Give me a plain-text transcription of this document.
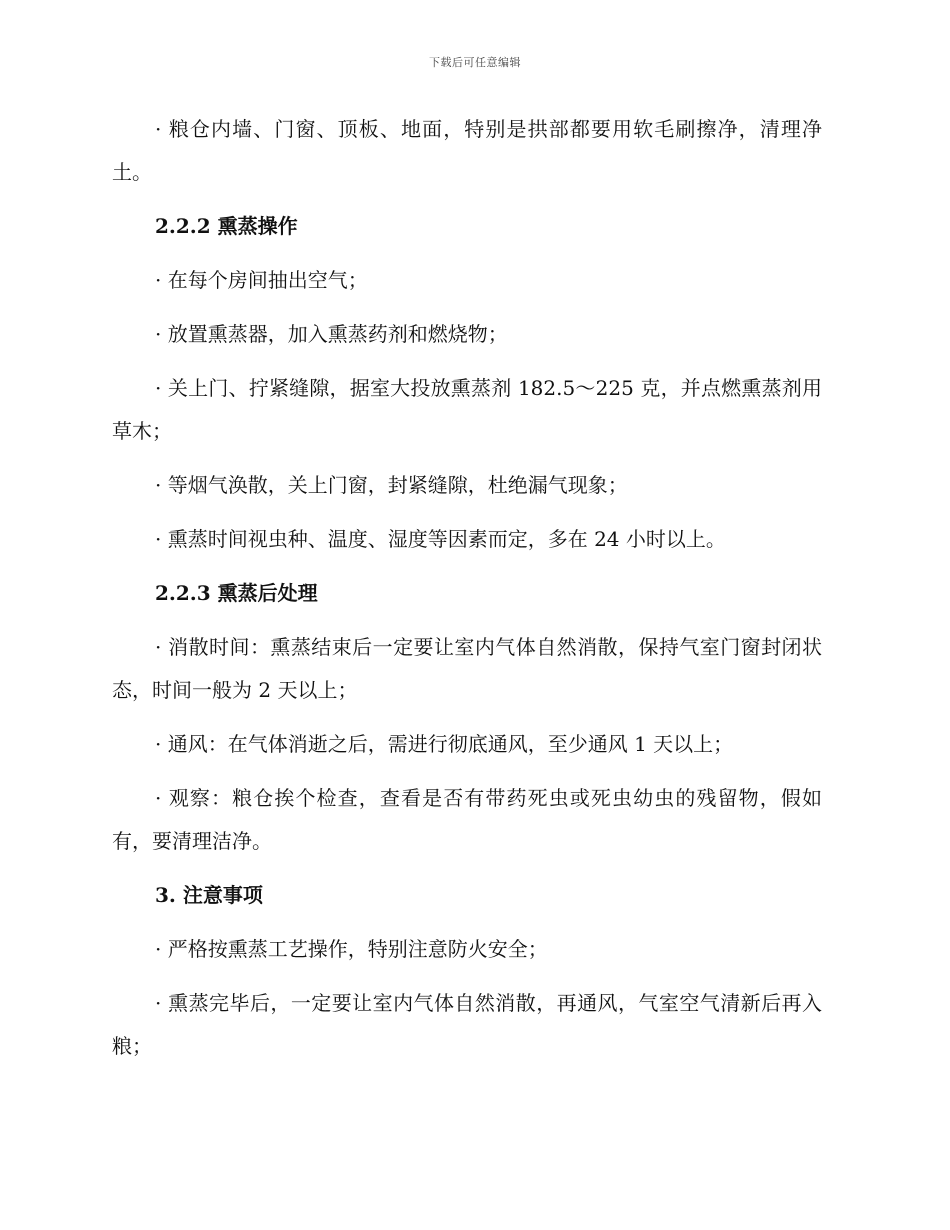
下载后可任意编辑

· 粮仓内墙、门窗、顶板、地面，特别是拱部都要用软毛刷擦净，清理净土。

2.2.2 熏蒸操作

· 在每个房间抽出空气；

· 放置熏蒸器，加入熏蒸药剂和燃烧物；

· 关上门、拧紧缝隙，据室大投放熏蒸剂 182.5～225 克，并点燃熏蒸剂用草木；

· 等烟气涣散，关上门窗，封紧缝隙，杜绝漏气现象；

· 熏蒸时间视虫种、温度、湿度等因素而定，多在 24 小时以上。

2.2.3 熏蒸后处理

· 消散时间：熏蒸结束后一定要让室内气体自然消散，保持气室门窗封闭状态，时间一般为 2 天以上；

· 通风：在气体消逝之后，需进行彻底通风，至少通风 1 天以上；

· 观察：粮仓挨个检查，查看是否有带药死虫或死虫幼虫的残留物，假如有，要清理洁净。

3. 注意事项

· 严格按熏蒸工艺操作，特别注意防火安全；

· 熏蒸完毕后，一定要让室内气体自然消散，再通风，气室空气清新后再入粮；
